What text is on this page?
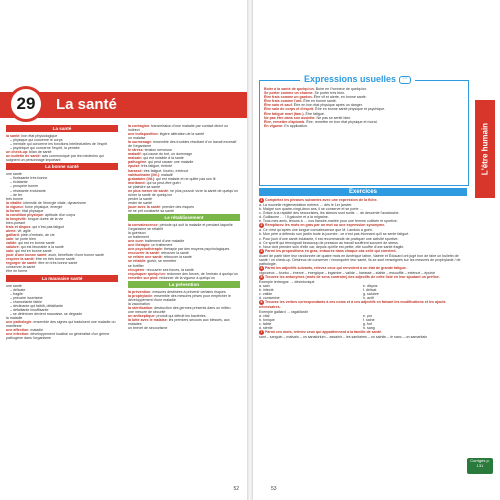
29	La santé
La santé
la santé: bon état physiologique
– physique qui concerne le corps
– mentale qui concerne les fonctions intellectuelles de l'esprit
– psychique qui concerne l'esprit, la pensée
un check-up: bilan de santé
un bulletin de santé: avis communiqué par les médecins qui soignent un personnage important
La bonne santé
une santé
– florissante très bonne
– éclatante
– prospère bonne
– résistante endurante
– de fer
très bonne
la vitalité: intensité de l'énergie vitale, dynamisme
la vigueur: force physique, énergie
la forme: état physique
la condition physique: aptitude d'un corps
la longévité: longue durée de la vie
bien-portant
frais et dispos: qui n'est pas fatigué
alerte: vif, agile
gaillard: plein d'entrain, de vie
sain: se porte bien
valide: qui est en bonne santé
salubre: qui est favorable à la santé
sain: qui est en bonne santé
jouir d'une bonne santé: avoir, bénéficier d'une bonne santé
respirer la santé: être en très bonne santé
regorger de santé: être en très bonne santé
conserver la santé
être en forme
La mauvaise santé
une santé
– délicate
– fragile
– précaire incertaine
– chancelante faible
– déclinante qui faiblit, défaillante
– défaillante insuffisante
– se détériorer devient mauvaise, se dégrade
la maladie
une pathologie: ensemble des signes qui traduisent une maladie ou manifeste
une affection: maladie
une infection: développement localisé ou généralisé d'un germe pathogène dans l'organisme
la contagion: transmission d'une maladie par contact direct ou indirect
une indisposition: légère altération de la santé
un malaise
la surmenage: ensemble des troubles résultant d'un travail excessif de l'organisme
le stress: tension nerveuse
maladif: qui cause du tort, un dommage
malsain: qui est nuisible à la santé
pathogène: qui peut causer une maladie
épuisé: très fatigué, éreinté
harassé: très fatigué, fourbu, exténué
valétudinaire (litt.): maladif
grabataire (litt.): qui est malade et ne quitte pas son lit
moribond: qui va peut-être guéri
se plaindre sa santé
ne plus mener de santé: ne plus pouvoir vivre la santé de quelqu'un
ruiner la santé de quelqu'un
perdre la santé
rester de santé
jouer avec la santé: prendre des risques
ne se prit constante sa santé
Le rétablissement
la convalescence: période qui suit la maladie et pendant laquelle l'organisme se rétablit
la guérison
un traitement
une cure: traitement d'une maladie
une thérapie: un traitement
une psychothérapie: thérapie par des moyens psychologiques
recouvrer la santé: retrouver la santé
se refaire une santé: retrouver la santé
se rétablir: guérir, se remettre
se fortifier
récupérer: recouvrer ses forces, la santé
requinquer quelqu'un: redonner des forces, de l'entrain à quelqu'un
remettre sur pied: redonner de la vigueur à quelqu'un
La prévention
la prévention: mesures destinées à prévenir certains risques
la prophylaxie: ensemble des mesures prises pour empêcher le développement d'une maladie
la vaccination
la stérilisation: destruction des germes présents dans un milieu
une mesure de sécurité
un antiseptique: produit qui détruit les bactéries
la lutte avec le malaise: les premiers secours aux blessés, aux malades
un brevet de secourisme
52
Expressions usuelles ···
Boire à la santé de quelqu'un. Boire en l'honneur de quelqu'un.
Se porter comme un charme. Se porter très bien.
Être frais comme un gardon. Être vif et alerte, en bonne santé.
Être frais comme l'œil. Être en bonne santé.
Être sain et sauf. Être en bon état physique après un danger.
Être sain de corps et d'esprit. Être en bonne santé physique et psychique.
Être fatigué mort (fam.). Être fatigué.
Ne pas être dans son assiette. Ne pas se sentir bien.
Être, remettre d'aplomb. Être, remettre en bon état physique et moral.
En vigueur. En application.	L'être humain
Exercices
1 Complétez les phrases suivantes avec une expression de la fiche.
a. La nouvelle réglementation entrera … dès le 1er janvier.
b. Malgré son quatre-vingt-deux ans, il se conserve et se porte …
c. Grâce à la rapidité des secouristes, les skieurs sont sortis … de descente l'avalanche.
d. Guillaume … ! Il galoche et a la migraine.
e. Tous mes amis, tenons à … nos fiancée-mariée pour une femme cultivée et sportive.
2 Remplacez les mots en gras par un mot ou une expression synonyme.
a. Ce n'est qu'après une longue convalescence que M. Landois a guéri.
b. Mon père a défendu son jardin toute la journée : ce n'est pas étonnant qu'il se sente fatigué.
c. Pour jouir d'une santé éclatante, il est recommandé de pratiquer une activité sportive.
d. Ce sportif qui témoignait beaucoup de pression au travail souffrent souvent de stress.
e. Nour dort prendre soin d'elle car, depuis qu'elle est petite, elle souffre d'une santé fragile.
3 Parmi les propositions en gras, entourez dans chaque cas celle qui convient.
Avant de partir faire leur randonnée de quatre mois en Amérique latine, Valérie et Édouard ont jugé bon de faire un bulletin de santé / un check-up. Désireux de conserver / reconquérir leur santé, ils se sont renseignés sur les mesures de prophylaxie / de pathologie.
4 Parmi les adjectifs suivants, relevez ceux qui renvoient à un état de grande fatigue.
vigoureux – fourbu – énervé – énergique – ingambe – valide – harassé – stable – essoufflé – exténué – épuisé
5 Trouvez les antonymes (mots de sens contraire) des adjectifs de cette liste en leur ajoutant un préfixe.
Exemple lerlangue → désintoxiqué
a. sain
b. infecté
c. valide
d. contaminé
e. dispos
f. délicat
g. salubre
h. actif
6 Trouvez les verbes correspondants à ces noms et à ces adjectifs en faisant les modifications et les ajouts nécessaires.
Exemple gaillard → ragaillardir
a. vital
b. tonique
c. faible
d. stérile
e. pur
f. saine
g. fort
h. sang
7 Parmi ces mots, relevez ceux qui appartiennent à la famille de santé.
sant – sanguin – malsain – un sanatorium – assainir – les sanitaires – un saintin – le sanc – un samaritain
Corrigés p. 131
53
